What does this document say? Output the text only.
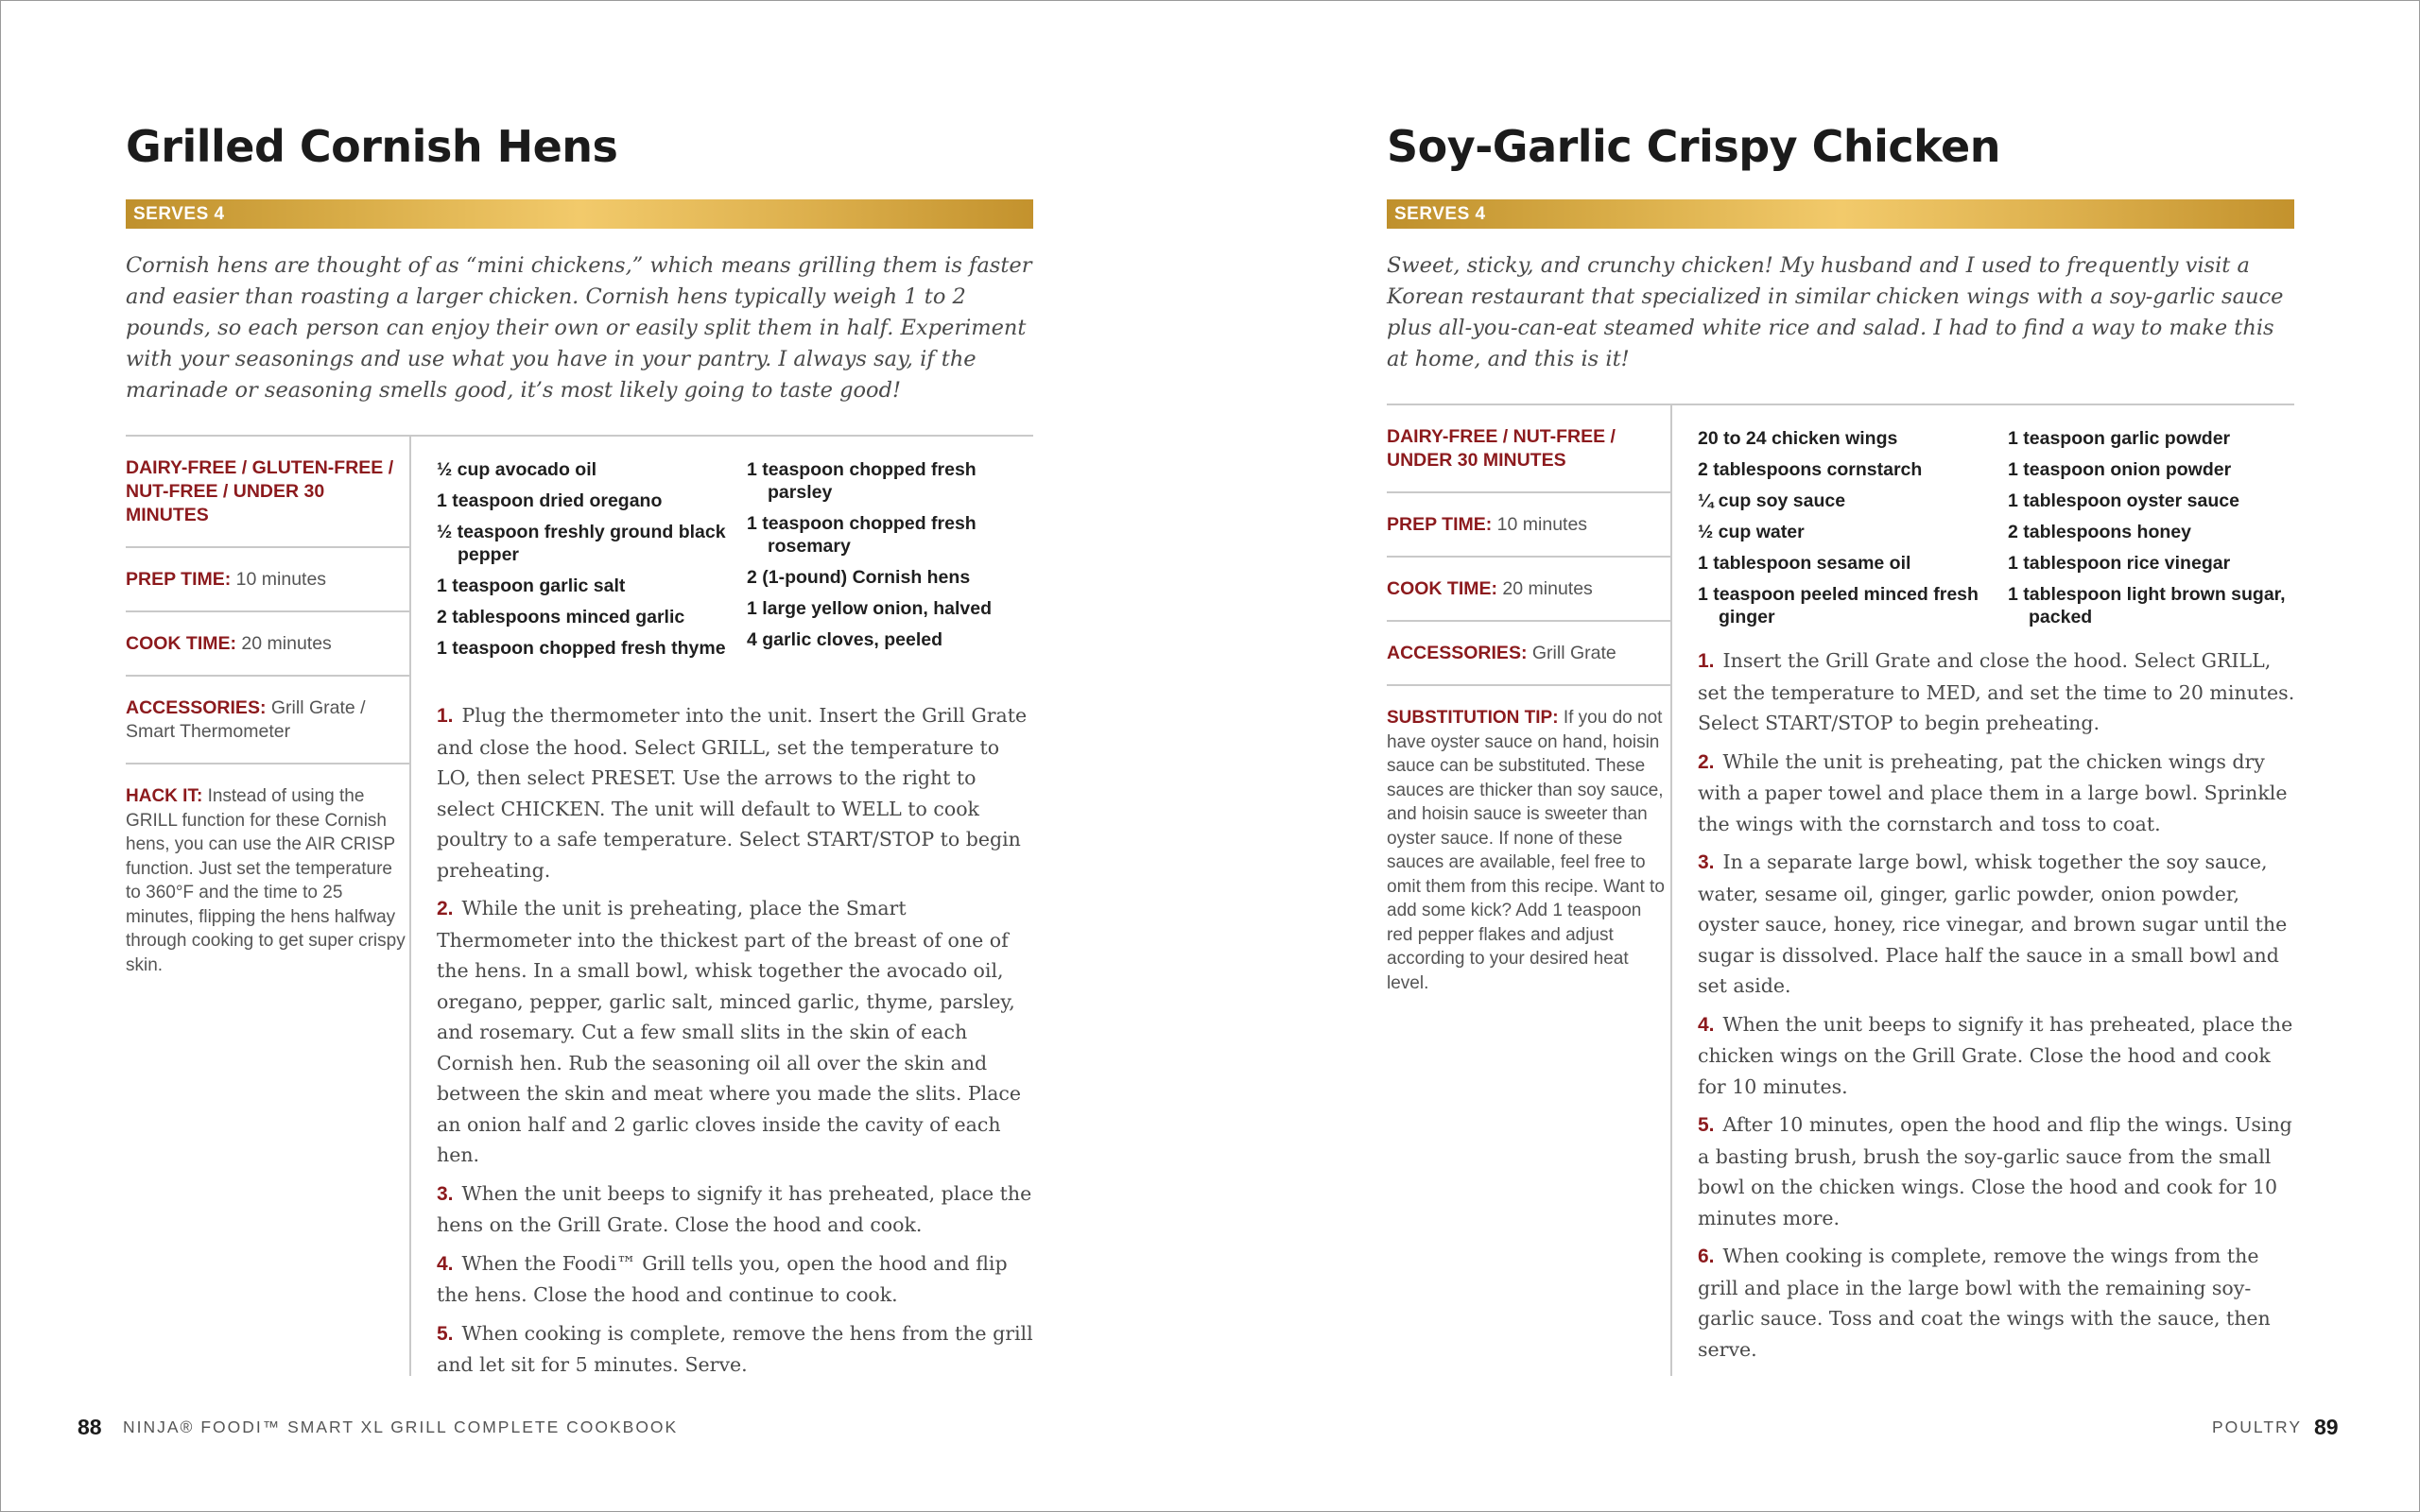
Grilled Cornish Hens
SERVES 4

Cornish hens are thought of as “mini chickens,” which means grilling them is faster and easier than roasting a larger chicken. Cornish hens typically weigh 1 to 2 pounds, so each person can enjoy their own or easily split them in half. Experiment with your seasonings and use what you have in your pantry. I always say, if the marinade or seasoning smells good, it’s most likely going to taste good!

DAIRY-FREE / GLUTEN-FREE / NUT-FREE / UNDER 30 MINUTES
PREP TIME: 10 minutes
COOK TIME: 20 minutes
ACCESSORIES: Grill Grate / Smart Thermometer
HACK IT: Instead of using the GRILL function for these Cornish hens, you can use the AIR CRISP function. Just set the temperature to 360°F and the time to 25 minutes, flipping the hens halfway through cooking to get super crispy skin.
½ cup avocado oil
1 teaspoon dried oregano
½ teaspoon freshly ground black pepper
1 teaspoon garlic salt
2 tablespoons minced garlic
1 teaspoon chopped fresh thyme
1 teaspoon chopped fresh parsley
1 teaspoon chopped fresh rosemary
2 (1-pound) Cornish hens
1 large yellow onion, halved
4 garlic cloves, peeled
1. Plug the thermometer into the unit. Insert the Grill Grate and close the hood. Select GRILL, set the temperature to LO, then select PRESET. Use the arrows to the right to select CHICKEN. The unit will default to WELL to cook poultry to a safe temperature. Select START/STOP to begin preheating.
2. While the unit is preheating, place the Smart Thermometer into the thickest part of the breast of one of the hens. In a small bowl, whisk together the avocado oil, oregano, pepper, garlic salt, minced garlic, thyme, parsley, and rosemary. Cut a few small slits in the skin of each Cornish hen. Rub the seasoning oil all over the skin and between the skin and meat where you made the slits. Place an onion half and 2 garlic cloves inside the cavity of each hen.
3. When the unit beeps to signify it has preheated, place the hens on the Grill Grate. Close the hood and cook.
4. When the Foodi™ Grill tells you, open the hood and flip the hens. Close the hood and continue to cook.
5. When cooking is complete, remove the hens from the grill and let sit for 5 minutes. Serve.
88 NINJA® FOODI™ SMART XL GRILL COMPLETE COOKBOOK
Soy-Garlic Crispy Chicken
SERVES 4

Sweet, sticky, and crunchy chicken! My husband and I used to frequently visit a Korean restaurant that specialized in similar chicken wings with a soy-garlic sauce plus all-you-can-eat steamed white rice and salad. I had to find a way to make this at home, and this is it!

DAIRY-FREE / NUT-FREE / UNDER 30 MINUTES
PREP TIME: 10 minutes
COOK TIME: 20 minutes
ACCESSORIES: Grill Grate
SUBSTITUTION TIP: If you do not have oyster sauce on hand, hoisin sauce can be substituted. These sauces are thicker than soy sauce, and hoisin sauce is sweeter than oyster sauce. If none of these sauces are available, feel free to omit them from this recipe. Want to add some kick? Add 1 teaspoon red pepper flakes and adjust according to your desired heat level.
20 to 24 chicken wings
2 tablespoons cornstarch
¼ cup soy sauce
½ cup water
1 tablespoon sesame oil
1 teaspoon peeled minced fresh ginger
1 teaspoon garlic powder
1 teaspoon onion powder
1 tablespoon oyster sauce
2 tablespoons honey
1 tablespoon rice vinegar
1 tablespoon light brown sugar, packed
1. Insert the Grill Grate and close the hood. Select GRILL, set the temperature to MED, and set the time to 20 minutes. Select START/STOP to begin preheating.
2. While the unit is preheating, pat the chicken wings dry with a paper towel and place them in a large bowl. Sprinkle the wings with the cornstarch and toss to coat.
3. In a separate large bowl, whisk together the soy sauce, water, sesame oil, ginger, garlic powder, onion powder, oyster sauce, honey, rice vinegar, and brown sugar until the sugar is dissolved. Place half the sauce in a small bowl and set aside.
4. When the unit beeps to signify it has preheated, place the chicken wings on the Grill Grate. Close the hood and cook for 10 minutes.
5. After 10 minutes, open the hood and flip the wings. Using a basting brush, brush the soy-garlic sauce from the small bowl on the chicken wings. Close the hood and cook for 10 minutes more.
6. When cooking is complete, remove the wings from the grill and place in the large bowl with the remaining soy-garlic sauce. Toss and coat the wings with the sauce, then serve.
POULTRY 89
